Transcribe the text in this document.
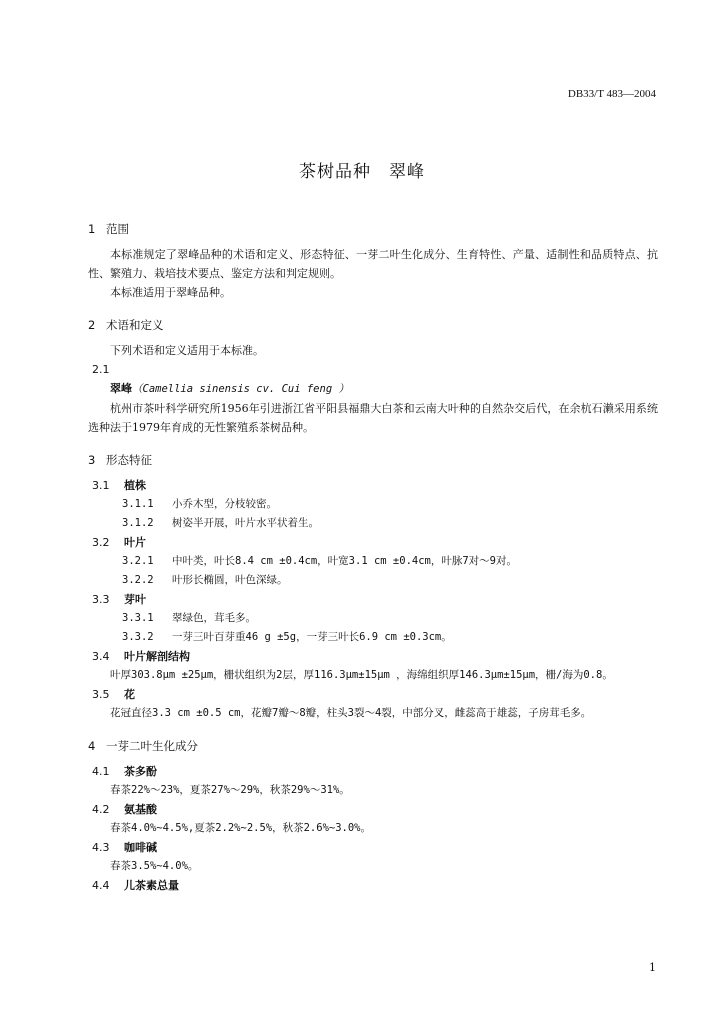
DB33/T 483—2004
茶树品种　翠峰
1 范围

本标准规定了翠峰品种的术语和定义、形态特征、一芽二叶生化成分、生育特性、产量、适制性和品质特点、抗性、繁殖力、栽培技术要点、鉴定方法和判定规则。

本标准适用于翠峰品种。

2 术语和定义

下列术语和定义适用于本标准。

2.1

翠峰（Camellia sinensis cv. Cui feng ）

杭州市茶叶科学研究所1956年引进浙江省平阳县福鼎大白茶和云南大叶种的自然杂交后代，在余杭石濑采用系统选种法于1979年育成的无性繁殖系茶树品种。

3 形态特征
3.1 植株
3.1.1 小乔木型，分枝较密。
3.1.2 树姿半开展，叶片水平状着生。
3.2 叶片
3.2.1 中叶类，叶长8.4 cm ±0.4cm，叶宽3.1 cm ±0.4cm，叶脉7对～9对。
3.2.2 叶形长椭圆，叶色深绿。
3.3 芽叶
3.3.1 翠绿色，茸毛多。
3.3.2 一芽三叶百芽重46 g ±5g，一芽三叶长6.9 cm ±0.3cm。
3.4 叶片解剖结构

叶厚303.8μm ±25μm，栅状组织为2层，厚116.3μm±15μm ，海绵组织厚146.3μm±15μm，栅/海为0.8。

3.5 花

花冠直径3.3 cm ±0.5 cm，花瓣7瓣～8瓣，柱头3裂～4裂，中部分叉，雌蕊高于雄蕊，子房茸毛多。

4 一芽二叶生化成分
4.1 茶多酚

春茶22%～23%，夏茶27%～29%，秋茶29%～31%。

4.2 氨基酸

春茶4.0%~4.5%,夏茶2.2%~2.5%，秋茶2.6%~3.0%。

4.3 咖啡碱

春茶3.5%~4.0%。

4.4 儿茶素总量
1
